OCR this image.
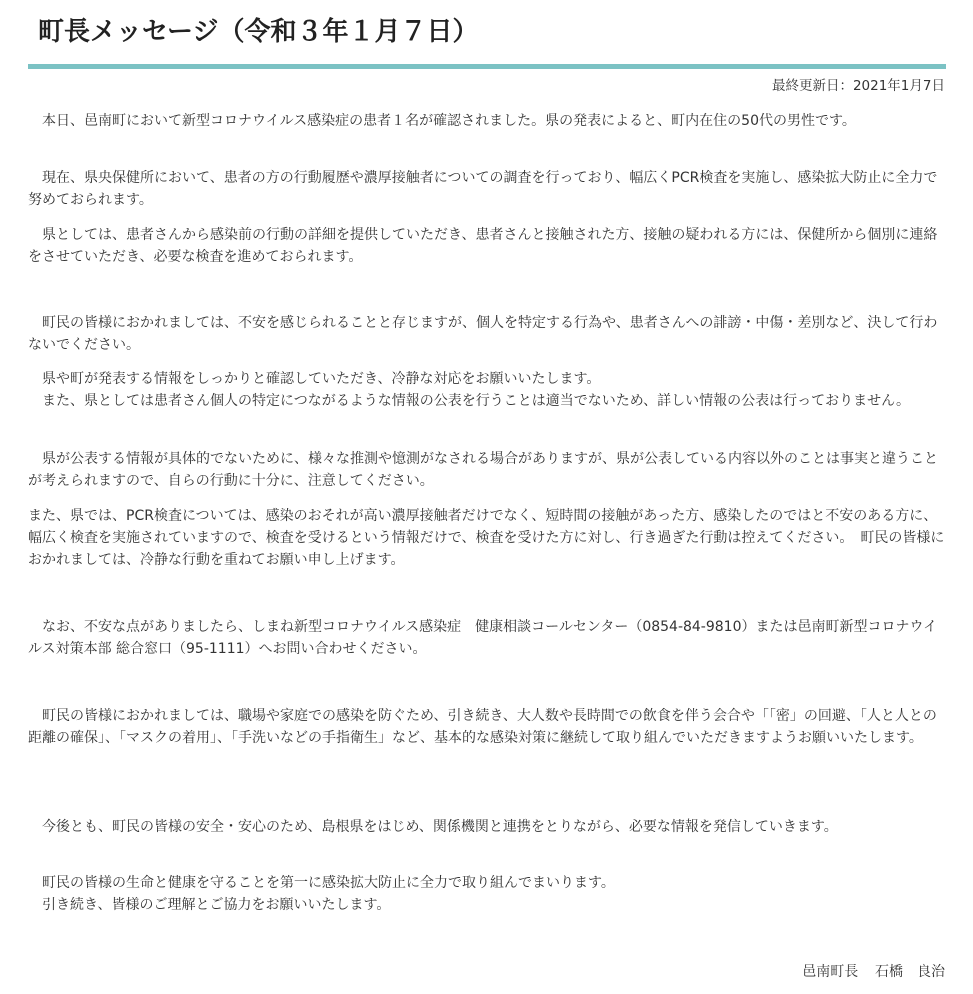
町長メッセージ（令和３年１月７日）
最終更新日：2021年1月7日

　本日、邑南町において新型コロナウイルス感染症の患者１名が確認されました。県の発表によると、町内在住の50代の男性です。

　現在、県央保健所において、患者の方の行動履歴や濃厚接触者についての調査を行っており、幅広くPCR検査を実施し、感染拡大防止に全力で努めておられます。

　県としては、患者さんから感染前の行動の詳細を提供していただき、患者さんと接触された方、接触の疑われる方には、保健所から個別に連絡をさせていただき、必要な検査を進めておられます。

　町民の皆様におかれましては、不安を感じられることと存じますが、個人を特定する行為や、患者さんへの誹謗・中傷・差別など、決して行わないでください。

　県や町が発表する情報をしっかりと確認していただき、冷静な対応をお願いいたします。
　また、県としては患者さん個人の特定につながるような情報の公表を行うことは適当でないため、詳しい情報の公表は行っておりません。

　県が公表する情報が具体的でないために、様々な推測や憶測がなされる場合がありますが、県が公表している内容以外のことは事実と違うことが考えられますので、自らの行動に十分に、注意してください。

また、県では、PCR検査については、感染のおそれが高い濃厚接触者だけでなく、短時間の接触があった方、感染したのではと不安のある方に、幅広く検査を実施されていますので、検査を受けるという情報だけで、検査を受けた方に対し、行き過ぎた行動は控えてください。　町民の皆様におかれましては、冷静な行動を重ねてお願い申し上げます。

　なお、不安な点がありましたら、しまね新型コロナウイルス感染症　健康相談コールセンター（0854-84-9810）または邑南町新型コロナウイルス対策本部 総合窓口（95-1111）へお問い合わせください。

　町民の皆様におかれましては、職場や家庭での感染を防ぐため、引き続き、大人数や長時間での飲食を伴う会合や「「密」の回避、「人と人との距離の確保」、「マスクの着用」、「手洗いなどの手指衛生」など、基本的な感染対策に継続して取り組んでいただきますようお願いいたします。

　今後とも、町民の皆様の安全・安心のため、島根県をはじめ、関係機関と連携をとりながら、必要な情報を発信していきます。

　町民の皆様の生命と健康を守ることを第一に感染拡大防止に全力で取り組んでまいります。
　引き続き、皆様のご理解とご協力をお願いいたします。

邑南町長 石橋　良治
